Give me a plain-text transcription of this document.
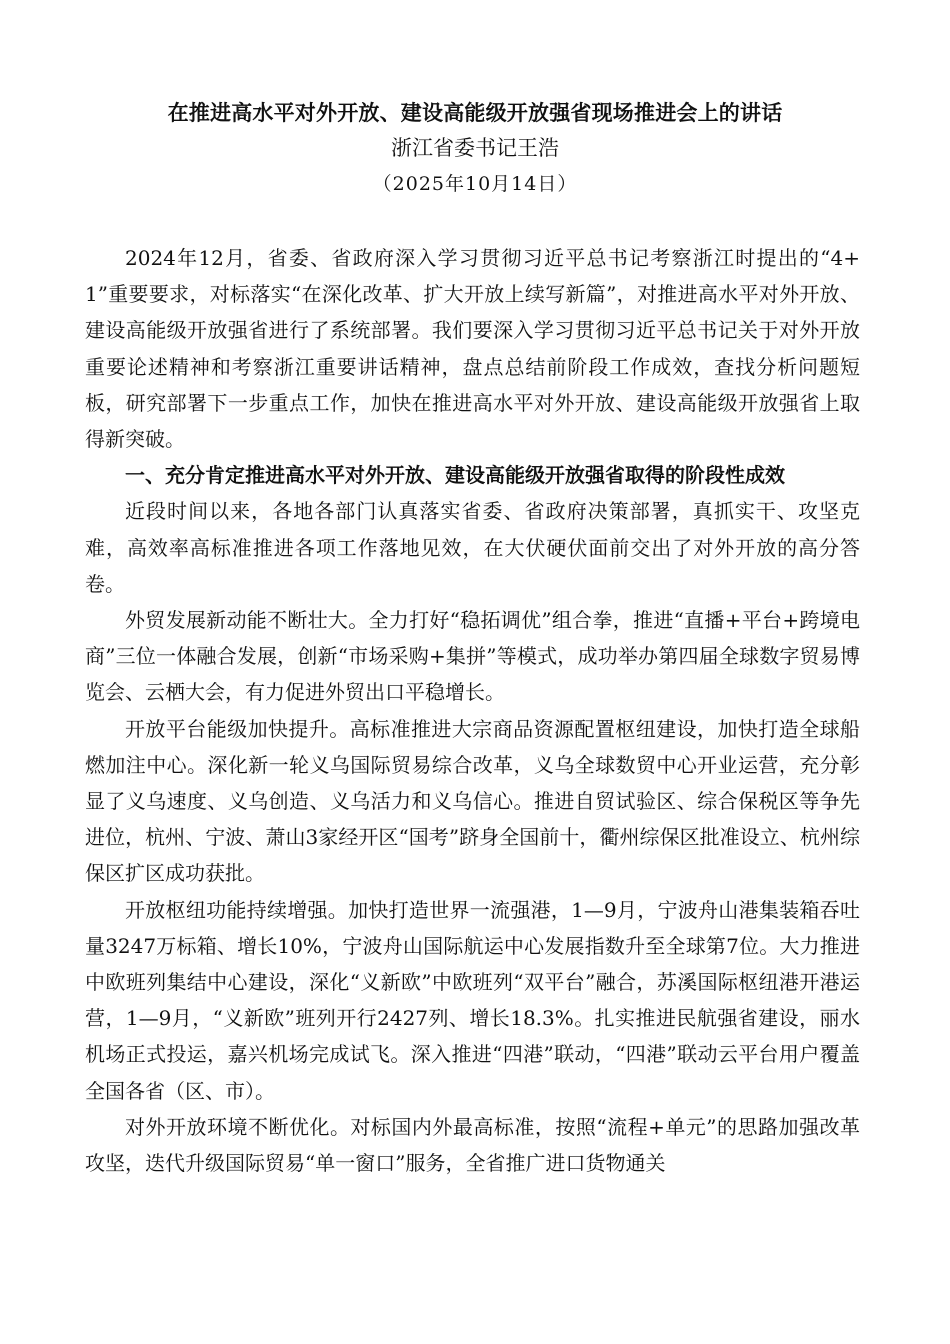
在推进高水平对外开放、建设高能级开放强省现场推进会上的讲话
浙江省委书记王浩
（2025年10月14日）

2024年12月，省委、省政府深入学习贯彻习近平总书记考察浙江时提出的“4+1”重要要求，对标落实“在深化改革、扩大开放上续写新篇”，对推进高水平对外开放、建设高能级开放强省进行了系统部署。我们要深入学习贯彻习近平总书记关于对外开放重要论述精神和考察浙江重要讲话精神，盘点总结前阶段工作成效，查找分析问题短板，研究部署下一步重点工作，加快在推进高水平对外开放、建设高能级开放强省上取得新突破。

一、充分肯定推进高水平对外开放、建设高能级开放强省取得的阶段性成效

近段时间以来，各地各部门认真落实省委、省政府决策部署，真抓实干、攻坚克难，高效率高标准推进各项工作落地见效，在大伏硬伏面前交出了对外开放的高分答卷。

外贸发展新动能不断壮大。全力打好“稳拓调优”组合拳，推进“直播+平台+跨境电商”三位一体融合发展，创新“市场采购+集拼”等模式，成功举办第四届全球数字贸易博览会、云栖大会，有力促进外贸出口平稳增长。

开放平台能级加快提升。高标准推进大宗商品资源配置枢纽建设，加快打造全球船燃加注中心。深化新一轮义乌国际贸易综合改革，义乌全球数贸中心开业运营，充分彰显了义乌速度、义乌创造、义乌活力和义乌信心。推进自贸试验区、综合保税区等争先进位，杭州、宁波、萧山3家经开区“国考”跻身全国前十，衢州综保区批准设立、杭州综保区扩区成功获批。

开放枢纽功能持续增强。加快打造世界一流强港，1—9月，宁波舟山港集装箱吞吐量3247万标箱、增长10%，宁波舟山国际航运中心发展指数升至全球第7位。大力推进中欧班列集结中心建设，深化“义新欧”中欧班列“双平台”融合，苏溪国际枢纽港开港运营，1—9月，“义新欧”班列开行2427列、增长18.3%。扎实推进民航强省建设，丽水机场正式投运，嘉兴机场完成试飞。深入推进“四港”联动，“四港”联动云平台用户覆盖全国各省（区、市）。

对外开放环境不断优化。对标国内外最高标准，按照“流程+单元”的思路加强改革攻坚，迭代升级国际贸易“单一窗口”服务，全省推广进口货物通关
